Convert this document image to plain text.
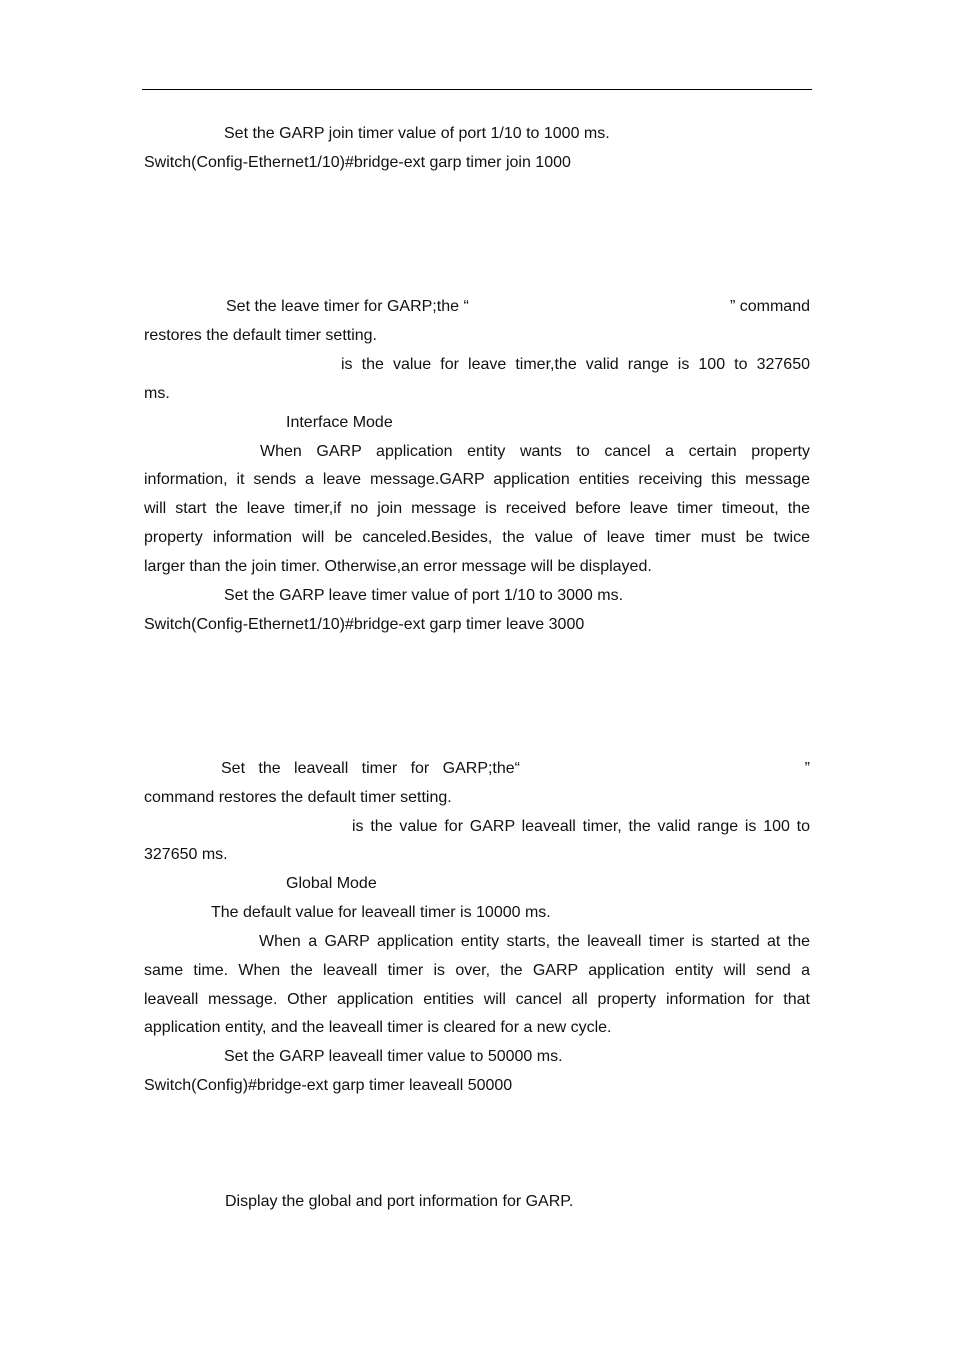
Set the GARP join timer value of port 1/10 to 1000 ms.
Switch(Config-Ethernet1/10)#bridge-ext garp timer join 1000
Set the leave timer for GARP;the “	” command
restores the default timer setting.
is the value for leave timer,the valid range is 100 to 327650
ms.
Interface Mode
When GARP application entity wants to cancel a certain property
information, it sends a leave message.GARP application entities receiving this message
will start the leave timer,if no join message is received before leave timer timeout, the
property information will be canceled.Besides, the value of leave timer must be twice
larger than the join timer. Otherwise,an error message will be displayed.
Set the GARP leave timer value of port 1/10 to 3000 ms.
Switch(Config-Ethernet1/10)#bridge-ext garp timer leave 3000
Set the leaveall timer for GARP;the“	”
command restores the default timer setting.
is the value for GARP leaveall timer, the valid range is 100 to
327650 ms.
Global Mode
The default value for leaveall timer is 10000 ms.
When a GARP application entity starts, the leaveall timer is started at the
same time. When the leaveall timer is over, the GARP application entity will send a
leaveall message. Other application entities will cancel all property information for that
application entity, and the leaveall timer is cleared for a new cycle.
Set the GARP leaveall timer value to 50000 ms.
Switch(Config)#bridge-ext garp timer leaveall 50000
Display the global and port information for GARP.
